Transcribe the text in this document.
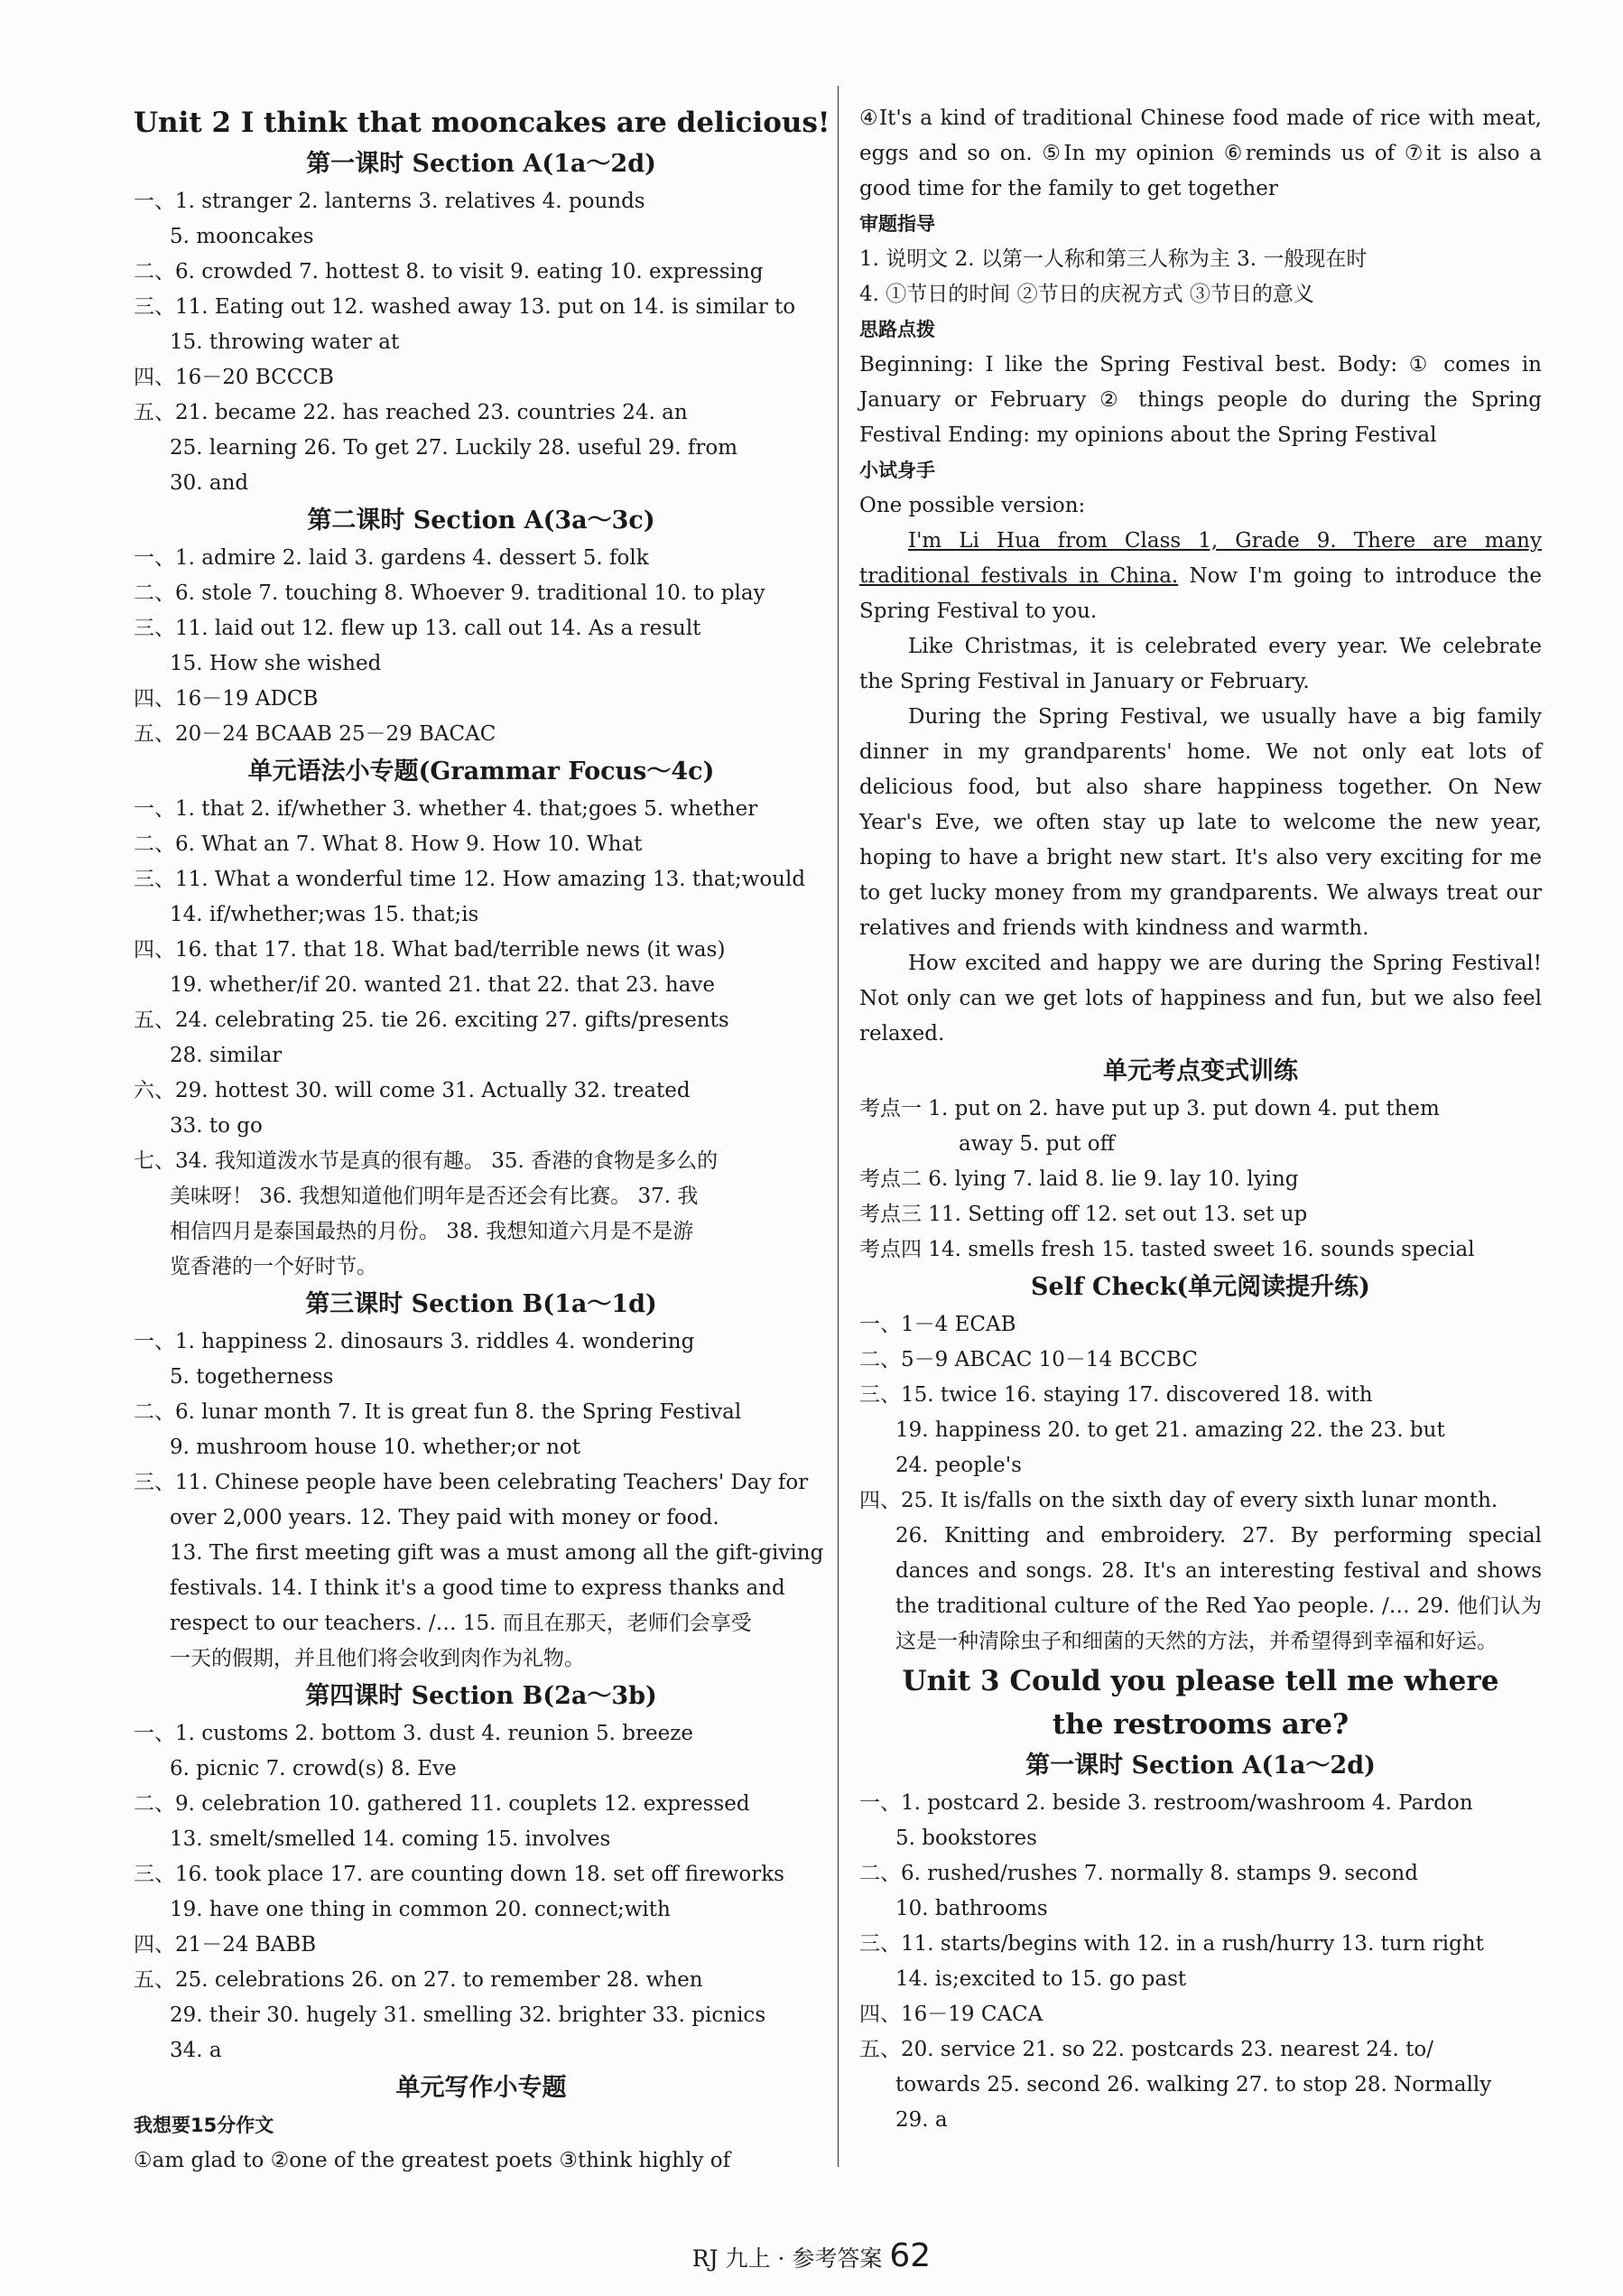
Unit 2 I think that mooncakes are delicious!
第一课时 Section A(1a～2d)
一、1. stranger 2. lanterns 3. relatives 4. pounds
5. mooncakes
二、6. crowded 7. hottest 8. to visit 9. eating 10. expressing
三、11. Eating out 12. washed away 13. put on 14. is similar to
15. throwing water at
四、16－20 BCCCB
五、21. became 22. has reached 23. countries 24. an
25. learning 26. To get 27. Luckily 28. useful 29. from
30. and
第二课时 Section A(3a～3c)
一、1. admire 2. laid 3. gardens 4. dessert 5. folk
二、6. stole 7. touching 8. Whoever 9. traditional 10. to play
三、11. laid out 12. flew up 13. call out 14. As a result
15. How she wished
四、16－19 ADCB
五、20－24 BCAAB 25－29 BACAC
单元语法小专题(Grammar Focus～4c)
一、1. that 2. if/whether 3. whether 4. that;goes 5. whether
二、6. What an 7. What 8. How 9. How 10. What
三、11. What a wonderful time 12. How amazing 13. that;would
14. if/whether;was 15. that;is
四、16. that 17. that 18. What bad/terrible news (it was)
19. whether/if 20. wanted 21. that 22. that 23. have
五、24. celebrating 25. tie 26. exciting 27. gifts/presents
28. similar
六、29. hottest 30. will come 31. Actually 32. treated
33. to go
七、34. 我知道泼水节是真的很有趣。 35. 香港的食物是多么的
美味呀！ 36. 我想知道他们明年是否还会有比赛。 37. 我
相信四月是泰国最热的月份。 38. 我想知道六月是不是游
览香港的一个好时节。
第三课时 Section B(1a～1d)
一、1. happiness 2. dinosaurs 3. riddles 4. wondering
5. togetherness
二、6. lunar month 7. It is great fun 8. the Spring Festival
9. mushroom house 10. whether;or not
三、11. Chinese people have been celebrating Teachers' Day for
over 2,000 years. 12. They paid with money or food.
13. The first meeting gift was a must among all the gift-giving
festivals. 14. I think it's a good time to express thanks and
respect to our teachers. /… 15. 而且在那天，老师们会享受
一天的假期，并且他们将会收到肉作为礼物。
第四课时 Section B(2a～3b)
一、1. customs 2. bottom 3. dust 4. reunion 5. breeze
6. picnic 7. crowd(s) 8. Eve
二、9. celebration 10. gathered 11. couplets 12. expressed
13. smelt/smelled 14. coming 15. involves
三、16. took place 17. are counting down 18. set off fireworks
19. have one thing in common 20. connect;with
四、21－24 BABB
五、25. celebrations 26. on 27. to remember 28. when
29. their 30. hugely 31. smelling 32. brighter 33. picnics
34. a
单元写作小专题
我想要15分作文
①am glad to ②one of the greatest poets ③think highly of
④It's a kind of traditional Chinese food made of rice with meat, eggs and so on. ⑤In my opinion ⑥reminds us of ⑦it is also a good time for the family to get together
审题指导
1. 说明文 2. 以第一人称和第三人称为主 3. 一般现在时
4. ①节日的时间 ②节日的庆祝方式 ③节日的意义
思路点拨
Beginning: I like the Spring Festival best. Body: ① comes in January or February ② things people do during the Spring Festival Ending: my opinions about the Spring Festival
小试身手
One possible version:
I'm Li Hua from Class 1, Grade 9. There are many traditional festivals in China. Now I'm going to introduce the Spring Festival to you.
Like Christmas, it is celebrated every year. We celebrate the Spring Festival in January or February.
During the Spring Festival, we usually have a big family dinner in my grandparents' home. We not only eat lots of delicious food, but also share happiness together. On New Year's Eve, we often stay up late to welcome the new year, hoping to have a bright new start. It's also very exciting for me to get lucky money from my grandparents. We always treat our relatives and friends with kindness and warmth.
How excited and happy we are during the Spring Festival! Not only can we get lots of happiness and fun, but we also feel relaxed.
单元考点变式训练
考点一 1. put on 2. have put up 3. put down 4. put them
away 5. put off
考点二 6. lying 7. laid 8. lie 9. lay 10. lying
考点三 11. Setting off 12. set out 13. set up
考点四 14. smells fresh 15. tasted sweet 16. sounds special
Self Check(单元阅读提升练)
一、1－4 ECAB
二、5－9 ABCAC 10－14 BCCBC
三、15. twice 16. staying 17. discovered 18. with
19. happiness 20. to get 21. amazing 22. the 23. but
24. people's
四、25. It is/falls on the sixth day of every sixth lunar month.
26. Knitting and embroidery. 27. By performing special dances and songs. 28. It's an interesting festival and shows the traditional culture of the Red Yao people. /… 29. 他们认为这是一种清除虫子和细菌的天然的方法，并希望得到幸福和好运。
Unit 3 Could you please tell me where
the restrooms are?
第一课时 Section A(1a～2d)
一、1. postcard 2. beside 3. restroom/washroom 4. Pardon
5. bookstores
二、6. rushed/rushes 7. normally 8. stamps 9. second
10. bathrooms
三、11. starts/begins with 12. in a rush/hurry 13. turn right
14. is;excited to 15. go past
四、16－19 CACA
五、20. service 21. so 22. postcards 23. nearest 24. to/
towards 25. second 26. walking 27. to stop 28. Normally
29. a
RJ 九上 · 参考答案 62
